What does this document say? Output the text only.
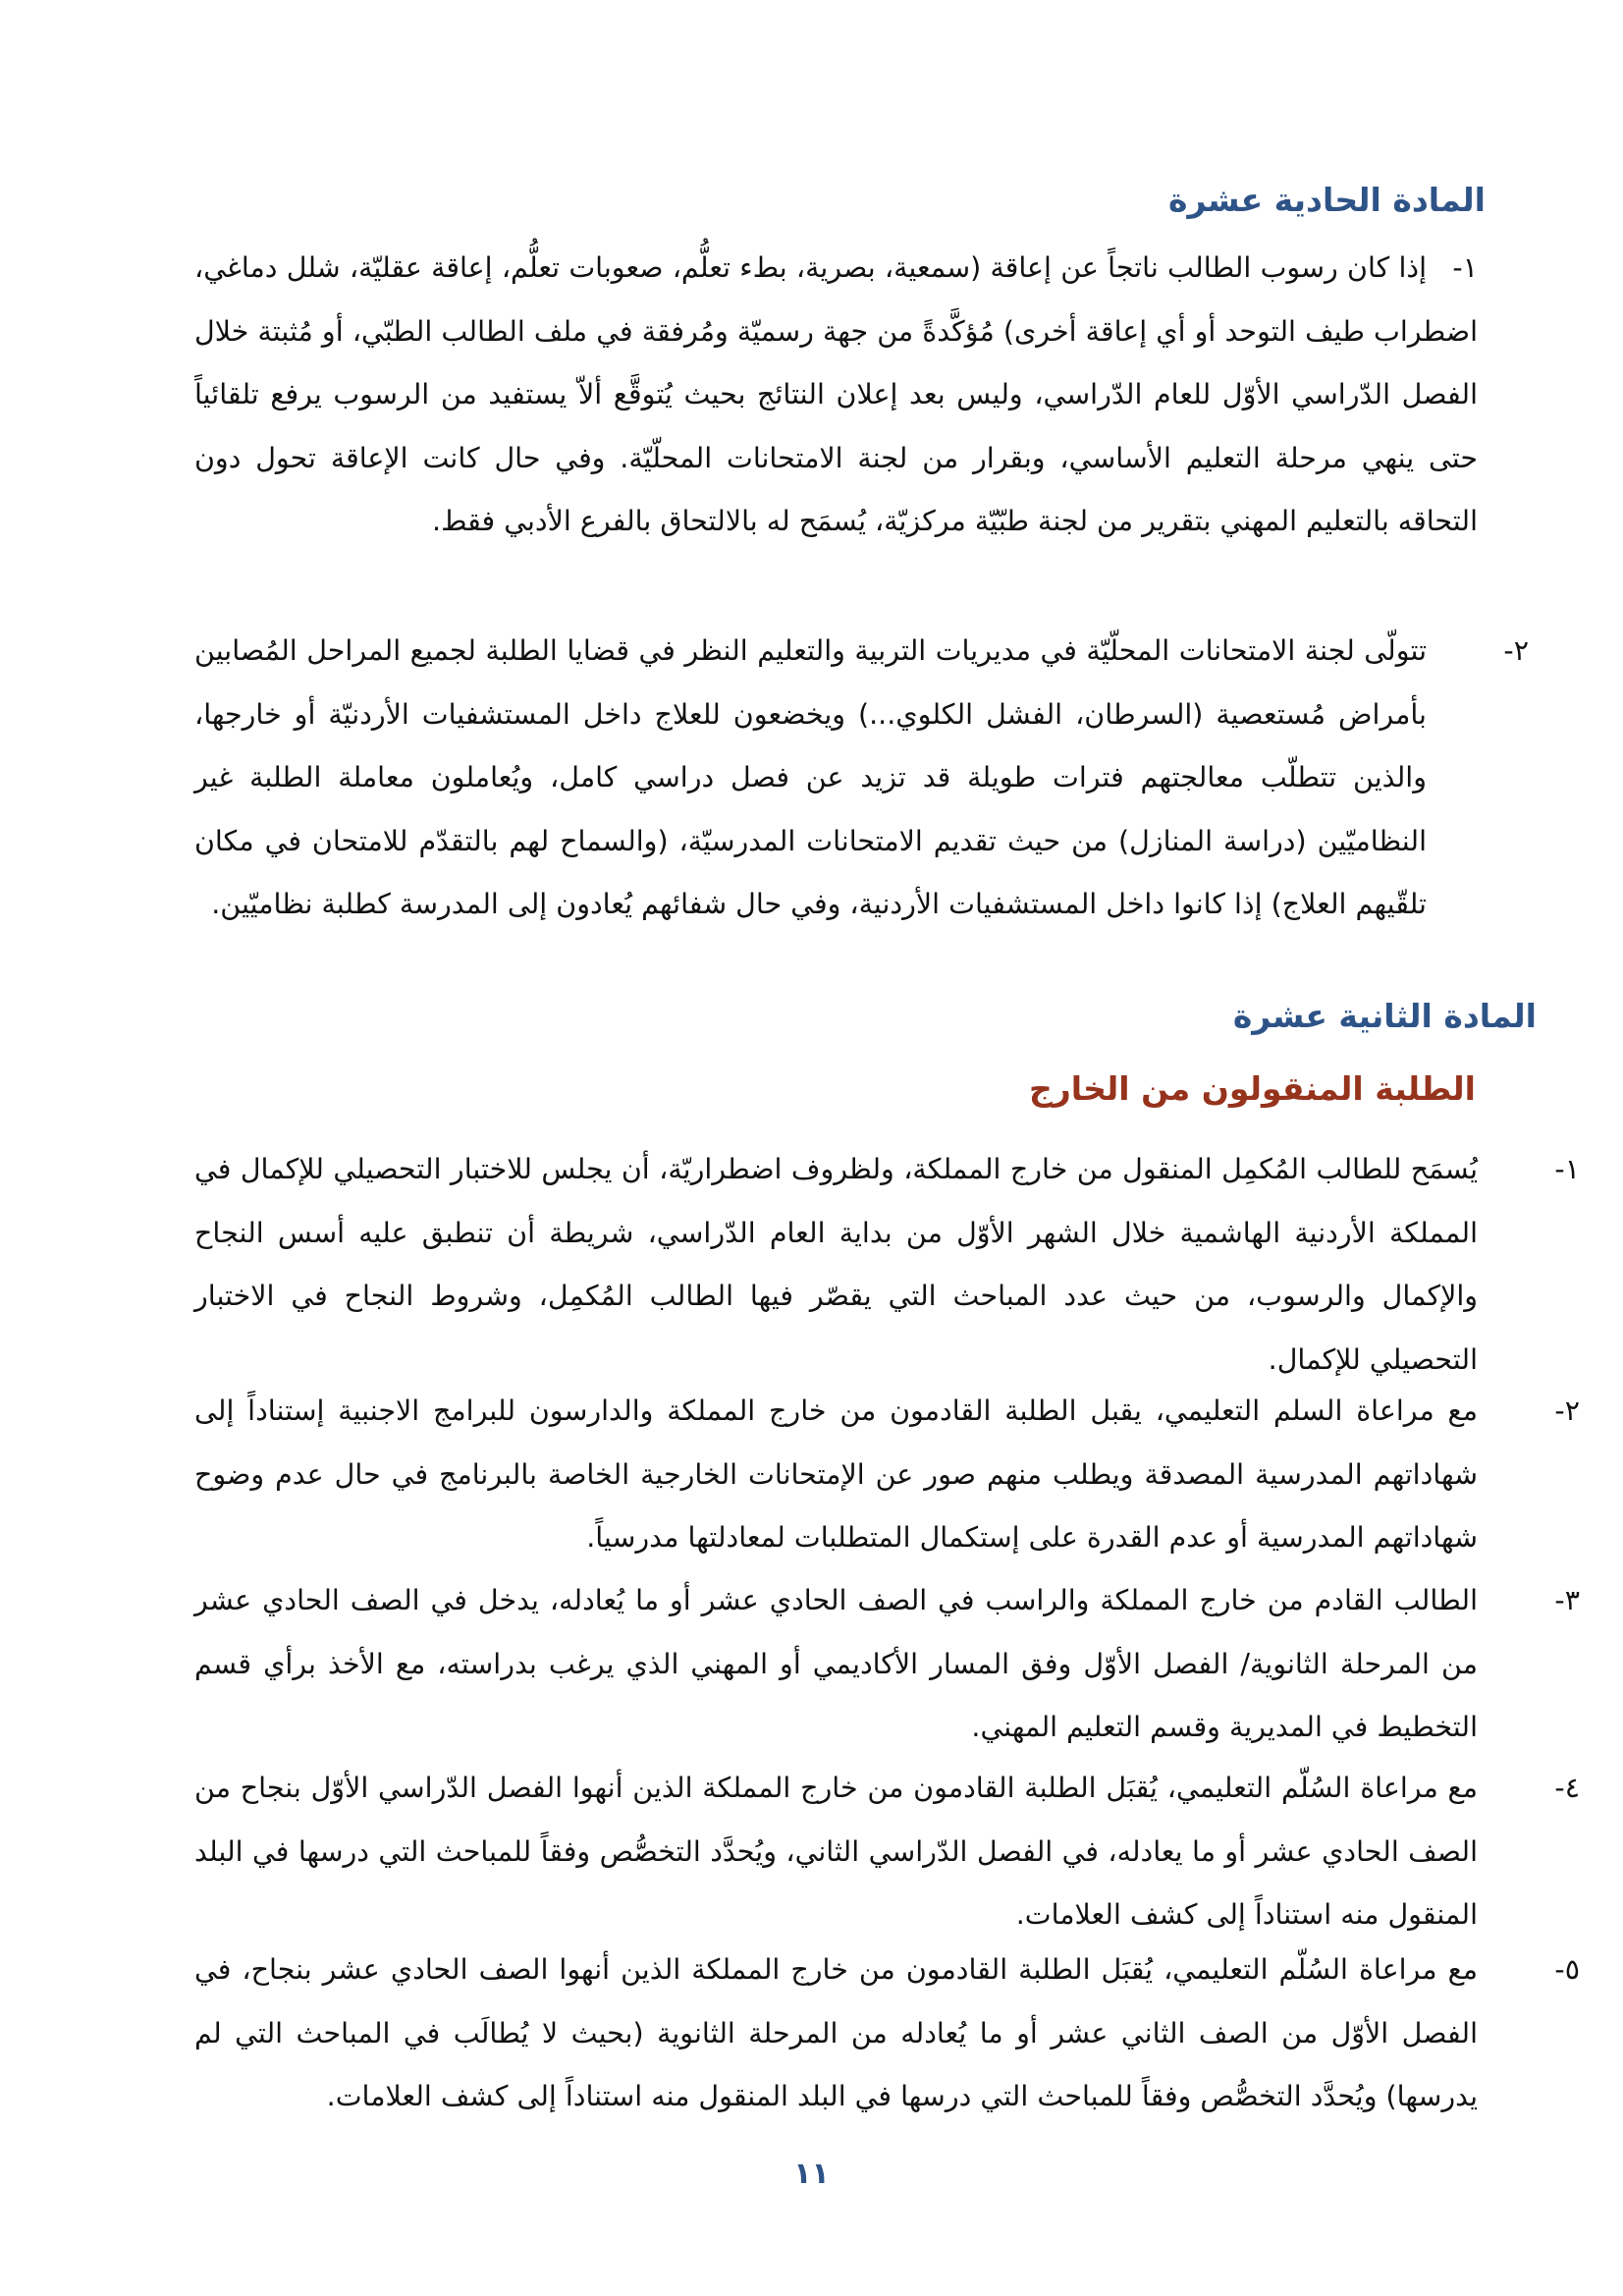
المادة الحادية عشرة

١-إذا كان رسوب الطالب ناتجاً عن إعاقة (سمعية، بصرية، بطء تعلُّم، صعوبات تعلُّم، إعاقة عقليّة، شلل دماغي، اضطراب طيف التوحد أو أي إعاقة أخرى) مُؤكَّدةً من جهة رسميّة ومُرفقة في ملف الطالب الطبّي، أو مُثبتة خلال الفصل الدّراسي الأوّل للعام الدّراسي، وليس بعد إعلان النتائج بحيث يُتوقَّع ألاّ يستفيد من الرسوب يرفع تلقائياً حتى ينهي مرحلة التعليم الأساسي، وبقرار من لجنة الامتحانات المحلّيّة. وفي حال كانت الإعاقة تحول دون التحاقه بالتعليم المهني بتقرير من لجنة طبّيّة مركزيّة، يُسمَح له بالالتحاق بالفرع الأدبي فقط.

٢-تتولّى لجنة الامتحانات المحلّيّة في مديريات التربية والتعليم النظر في قضايا الطلبة لجميع المراحل المُصابين بأمراض مُستعصية (السرطان، الفشل الكلوي...) ويخضعون للعلاج داخل المستشفيات الأردنيّة أو خارجها، والذين تتطلّب معالجتهم فترات طويلة قد تزيد عن فصل دراسي كامل، ويُعاملون معاملة الطلبة غير النظاميّين (دراسة المنازل) من حيث تقديم الامتحانات المدرسيّة، (والسماح لهم بالتقدّم للامتحان في مكان تلقّيهم العلاج) إذا كانوا داخل المستشفيات الأردنية، وفي حال شفائهم يُعادون إلى المدرسة كطلبة نظاميّين.

المادة الثانية عشرة
الطلبة المنقولون من الخارج

١-يُسمَح للطالب المُكمِل المنقول من خارج المملكة، ولظروف اضطراريّة، أن يجلس للاختبار التحصيلي للإكمال في المملكة الأردنية الهاشمية خلال الشهر الأوّل من بداية العام الدّراسي، شريطة أن تنطبق عليه أسس النجاح والإكمال والرسوب، من حيث عدد المباحث التي يقصّر فيها الطالب المُكمِل، وشروط النجاح في الاختبار التحصيلي للإكمال.

٢-مع مراعاة السلم التعليمي، يقبل الطلبة القادمون من خارج المملكة والدارسون للبرامج الاجنبية إستناداً إلى شهاداتهم المدرسية المصدقة ويطلب منهم صور عن الإمتحانات الخارجية الخاصة بالبرنامج في حال عدم وضوح شهاداتهم المدرسية أو عدم القدرة على إستكمال المتطلبات لمعادلتها مدرسياً.

٣-الطالب القادم من خارج المملكة والراسب في الصف الحادي عشر أو ما يُعادله، يدخل في الصف الحادي عشر من المرحلة الثانوية/ الفصل الأوّل وفق المسار الأكاديمي أو المهني الذي يرغب بدراسته، مع الأخذ برأي قسم التخطيط في المديرية وقسم التعليم المهني.

٤-مع مراعاة السُلّم التعليمي، يُقبَل الطلبة القادمون من خارج المملكة الذين أنهوا الفصل الدّراسي الأوّل بنجاح من الصف الحادي عشر أو ما يعادله، في الفصل الدّراسي الثاني، ويُحدَّد التخصُّص وفقاً للمباحث التي درسها في البلد المنقول منه استناداً إلى كشف العلامات.

٥-مع مراعاة السُلّم التعليمي، يُقبَل الطلبة القادمون من خارج المملكة الذين أنهوا الصف الحادي عشر بنجاح، في الفصل الأوّل من الصف الثاني عشر أو ما يُعادله من المرحلة الثانوية (بحيث لا يُطالَب في المباحث التي لم يدرسها) ويُحدَّد التخصُّص وفقاً للمباحث التي درسها في البلد المنقول منه استناداً إلى كشف العلامات.

١١
